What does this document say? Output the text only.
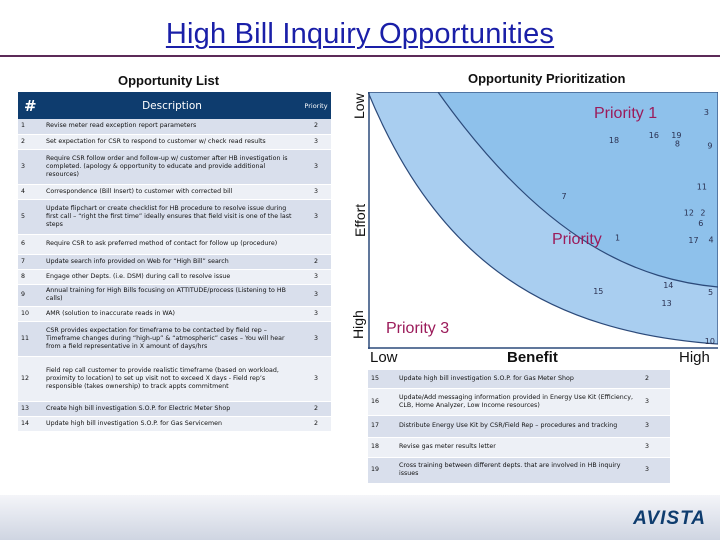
High Bill Inquiry Opportunities
Opportunity List	Opportunity Prioritization
#	Description	Priority
1	Revise meter read exception report parameters	2
2	Set expectation for CSR to respond to customer w/ check read results	3
3	Require CSR follow order and follow-up w/ customer after HB investigation is completed. (apology & opportunity to educate and provide additional resources)	3
4	Correspondence (Bill Insert) to customer with corrected bill	3
5	Update flipchart or create checklist for HB procedure to resolve issue during first call – “right the first time” ideally ensures that field visit is one of the last steps	3
6	Require CSR to ask preferred method of contact for follow up (procedure)	
7	Update search info provided on Web for “High Bill” search	2
8	Engage other Depts. (i.e. DSM) during call to resolve issue	3
9	Annual training for High Bills focusing on ATTITUDE/process (Listening to HB calls)	3
10	AMR (solution to inaccurate reads in WA)	3
11	CSR provides expectation for timeframe to be contacted by field rep – Timeframe changes during “high-up” & “atmospheric” cases – You will hear from a field representative in X amount of days/hrs	3
12	Field rep call customer to provide realistic timeframe (based on workload, proximity to location) to set up visit not to exceed X days - Field rep’s responsible (takes ownership) to track appts commitment	3
13	Create high bill investigation S.O.P. for Electric Meter Shop	2
14	Update high bill investigation S.O.P. for Gas Servicemen	2
1
2
3
4
5
6
7
8	9
10
11
12
13
14
15
16
17
18
19
Priority 1
Priority
Priority 3
Low
Effort
High
Low	Benefit	High
15	Update high bill investigation S.O.P. for Gas Meter Shop	2
16	Update/Add messaging information provided in Energy Use Kit (Efficiency, CLB, Home Analyzer, Low Income resources)	3
17	Distribute Energy Use Kit by CSR/Field Rep – procedures and tracking	3
18	Revise gas meter results letter	3
19	Cross training between different depts. that are involved in HB inquiry issues	3
AVISTA
